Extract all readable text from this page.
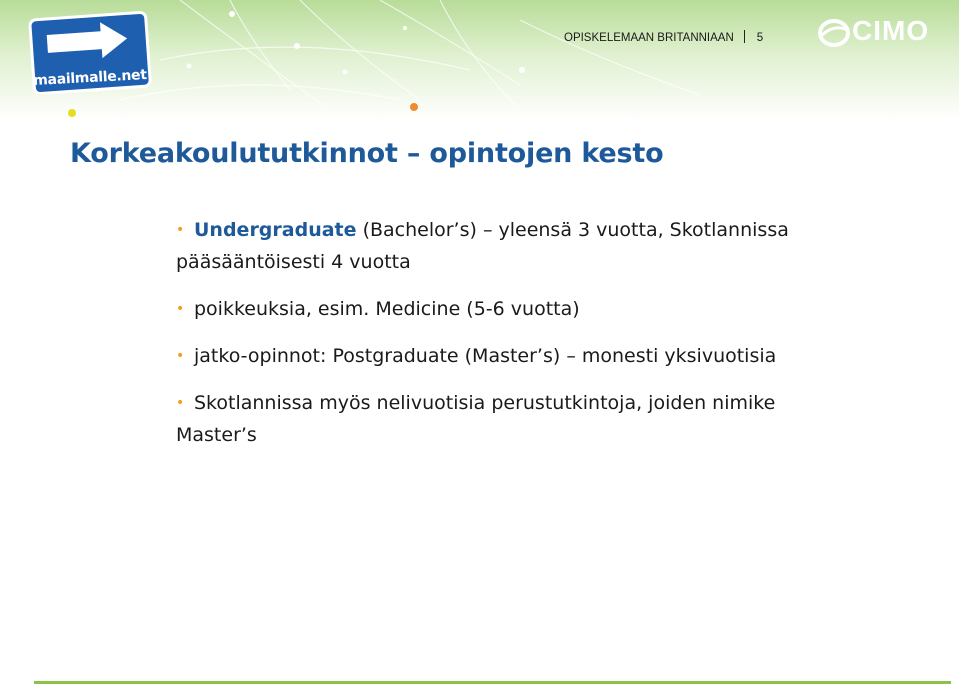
maailmalle.net
OPISKELEMAAN BRITANNIAAN 5	CIMO
Korkeakoulututkinnot – opintojen kesto
• Undergraduate (Bachelor’s) – yleensä 3 vuotta, Skotlannissa pääsääntöisesti 4 vuotta
• poikkeuksia, esim. Medicine (5-6 vuotta)
• jatko-opinnot: Postgraduate (Master’s) – monesti yksivuotisia
• Skotlannissa myös nelivuotisia perustutkintoja, joiden nimike Master’s
